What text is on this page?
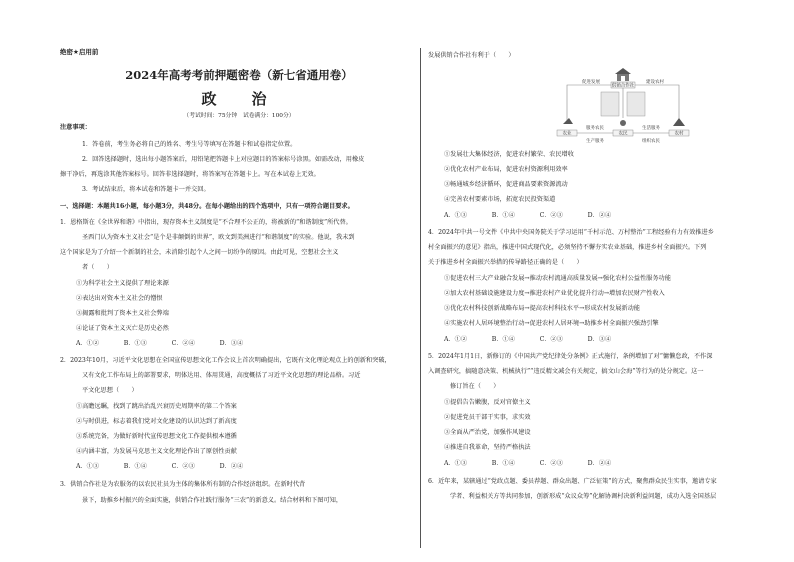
绝密★启用前
2024年高考考前押题密卷（新七省通用卷）
政　治
（考试时间：75分钟　试卷满分：100分）
注意事项：
1．答卷前，考生务必将自己的姓名、考生号等填写在答题卡和试卷指定位置。
2．回答选择题时，选出每小题答案后，用铅笔把答题卡上对应题目的答案标号涂黑。如需改动，用橡皮
擦干净后，再选涂其他答案标号。回答非选择题时，将答案写在答题卡上。写在本试卷上无效。
3．考试结束后，将本试卷和答题卡一并交回。
一、选择题：本题共16小题，每小题3分，共48分。在每小题给出的四个选项中，只有一项符合题目要求。
1．恩格斯在《全世界和谐》中指出，现存资本主义制度是“不合理不公正的，将被新的“和谐制度”所代替。
圣西门认为资本主义社会“是个是非颠倒的世界”，欧文到美洲进行“和谐制度”的实验。他说，我未到
这个国家是为了介绍一个新制的社会，未消除引起个人之间一切纷争的原因。由此可见，空想社会主义
者（　　）
①为科学社会主义提供了理论来源
②表达出对资本主义社会的憎恨
③揭露和批判了资本主义社会弊端
④论证了资本主义灭亡是历史必然
A．①②　　　　B．①③　　　　C．②④　　　　D．③④
2．2023年10月，习近平文化思想在全国宣传思想文化工作会议上首次明确提出，它既有文化理论观点上的创新和突破，
又有文化工作布局上的部署要求，明体达用、体用贯通，高度概括了习近平文化思想的理论品格。习近
平文化思想（　　）
①高瞻远瞩，找到了跳出治乱兴衰历史周期率的第二个答案
②与时俱进，标志着我们党对文化建设的认识达到了新高度
③系统完备，为做好新时代宣传思想文化工作提供根本遵循
④内涵丰富，为发展马克思主义文化理论作出了原创性贡献
A．①③　　　　B．①④　　　　C．②③　　　　D．②④
3．供销合作社是为农服务的以农民社员为主体的集体所有制的合作经济组织。在新时代背
景下，助推乡村振兴的全面实施，供销合作社践行服务“三农”的新意义。结合材料和下图可知，
发展供销合作社有利于（　　）
供销合作社
促进发展	建设农村
农业	农民	农村
服务农民	生活服务
生产服务	组织农民
①发展壮大集体经济，促进农村繁荣、农民增收
②优化农村产业布局，促进农村资源利用效率
③畅通城乡经济循环，促进商品要素资源流动
④完善农村要素市场，拓宽农民投资渠道
A．①③　　　　B．①④　　　　C．②③　　　　D．②④
4．2024年中共一号文件《中共中央国务院关于学习运用“千村示范、万村整治”工程经验有力有效推进乡
村全面振兴的意见》指出，推进中国式现代化，必须坚持不懈夯实农业基础，推进乡村全面振兴。下列
关于推进乡村全面振兴举措的传导路径正确的是（　　）
①促进农村三大产业融合发展→推动农村流通高质量发展→强化农村公益性服务功能
②加大农村基础设施建设力度→推进农村产业优化提升行动→增加农民财产性收入
③优化农村科技创新战略布局→提高农村科技水平→形成农村发展新动能
④实施农村人居环境整治行动→促进农村人居环境→助推乡村全面振兴强劲引擎
A．①②　　　　B．①④　　　　C．②③　　　　D．③④
5．2024年1月1日，新修订的《中国共产党纪律处分条例》正式施行，条例增加了对“慵懒怠政，不作深
入调查研究，搞随意决策、机械执行”“违反精文减会有关规定，搞文山会海”等行为的处分规定。这一
修订旨在（　　）
①提倡告告嫩腹，反对官僚主义
②促进党员干部干实事，求实效
③全面从严治党，加强作风建设
④推进自我革命，坚持严格执法
A．①③　　　　B．①④　　　　C．②③　　　　D．②④
6．近年来，某辖通过“党政点题、委员荐题、群众出题、广泛征策”的方式，聚焦群众民生实事，邀请专家
学者、利益相关方等共同参加，创新形成“众议众筹”化解协调村决新利益问题，成功入选全国基层
